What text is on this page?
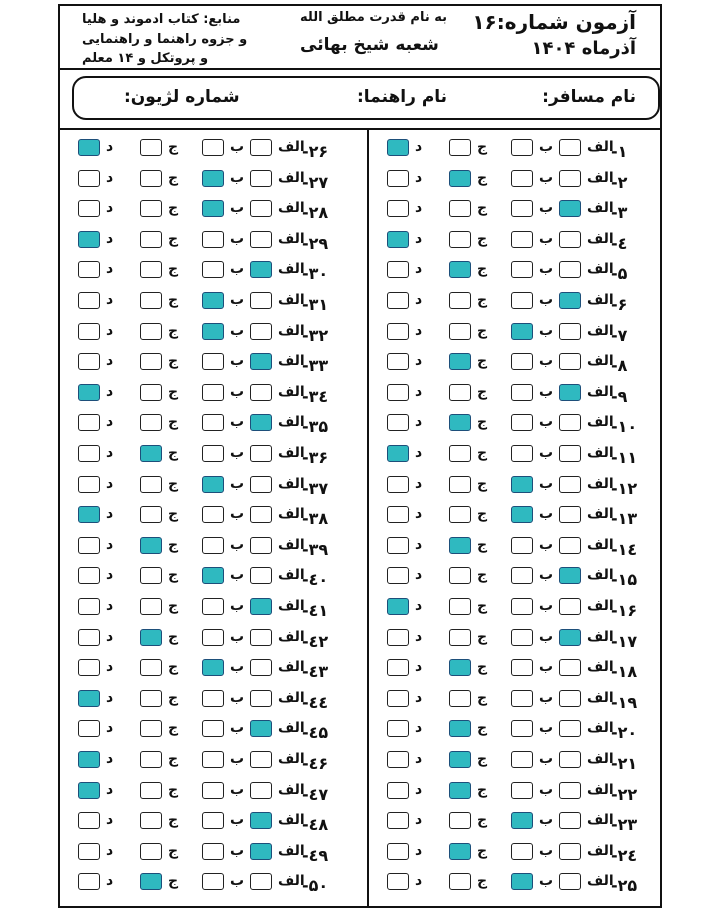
آزمون شماره:۱۶
آذرماه ۱۴۰۴
به نام قدرت مطلق الله
شعبه شیخ بهائی
منابع: کتاب ادموند و هلیا
و جزوه راهنما و راهنمایی
و پروتکل و ۱۴ معلم
نام مسافر:
نام راهنما:
شماره لژیون:
۱-
الف
ب
ج
د
۲-
الف
ب
ج
د
۳-
الف
ب
ج
د
٤-
الف
ب
ج
د
۵-
الف
ب
ج
د
۶-
الف
ب
ج
د
۷-
الف
ب
ج
د
۸-
الف
ب
ج
د
۹-
الف
ب
ج
د
۱۰-
الف
ب
ج
د
۱۱-
الف
ب
ج
د
۱۲-
الف
ب
ج
د
۱۳-
الف
ب
ج
د
۱٤-
الف
ب
ج
د
۱۵-
الف
ب
ج
د
۱۶-
الف
ب
ج
د
۱۷-
الف
ب
ج
د
۱۸-
الف
ب
ج
د
۱۹-
الف
ب
ج
د
۲۰-
الف
ب
ج
د
۲۱-
الف
ب
ج
د
۲۲-
الف
ب
ج
د
۲۳-
الف
ب
ج
د
۲٤-
الف
ب
ج
د
۲۵-
الف
ب
ج
د
۲۶-
الف
ب
ج
د
۲۷-
الف
ب
ج
د
۲۸-
الف
ب
ج
د
۲۹-
الف
ب
ج
د
۳۰-
الف
ب
ج
د
۳۱-
الف
ب
ج
د
۳۲-
الف
ب
ج
د
۳۳-
الف
ب
ج
د
۳٤-
الف
ب
ج
د
۳۵-
الف
ب
ج
د
۳۶-
الف
ب
ج
د
۳۷-
الف
ب
ج
د
۳۸-
الف
ب
ج
د
۳۹-
الف
ب
ج
د
٤۰-
الف
ب
ج
د
٤۱-
الف
ب
ج
د
٤۲-
الف
ب
ج
د
٤۳-
الف
ب
ج
د
٤٤-
الف
ب
ج
د
٤۵-
الف
ب
ج
د
٤۶-
الف
ب
ج
د
٤۷-
الف
ب
ج
د
٤۸-
الف
ب
ج
د
٤۹-
الف
ب
ج
د
۵۰-
الف
ب
ج
د
